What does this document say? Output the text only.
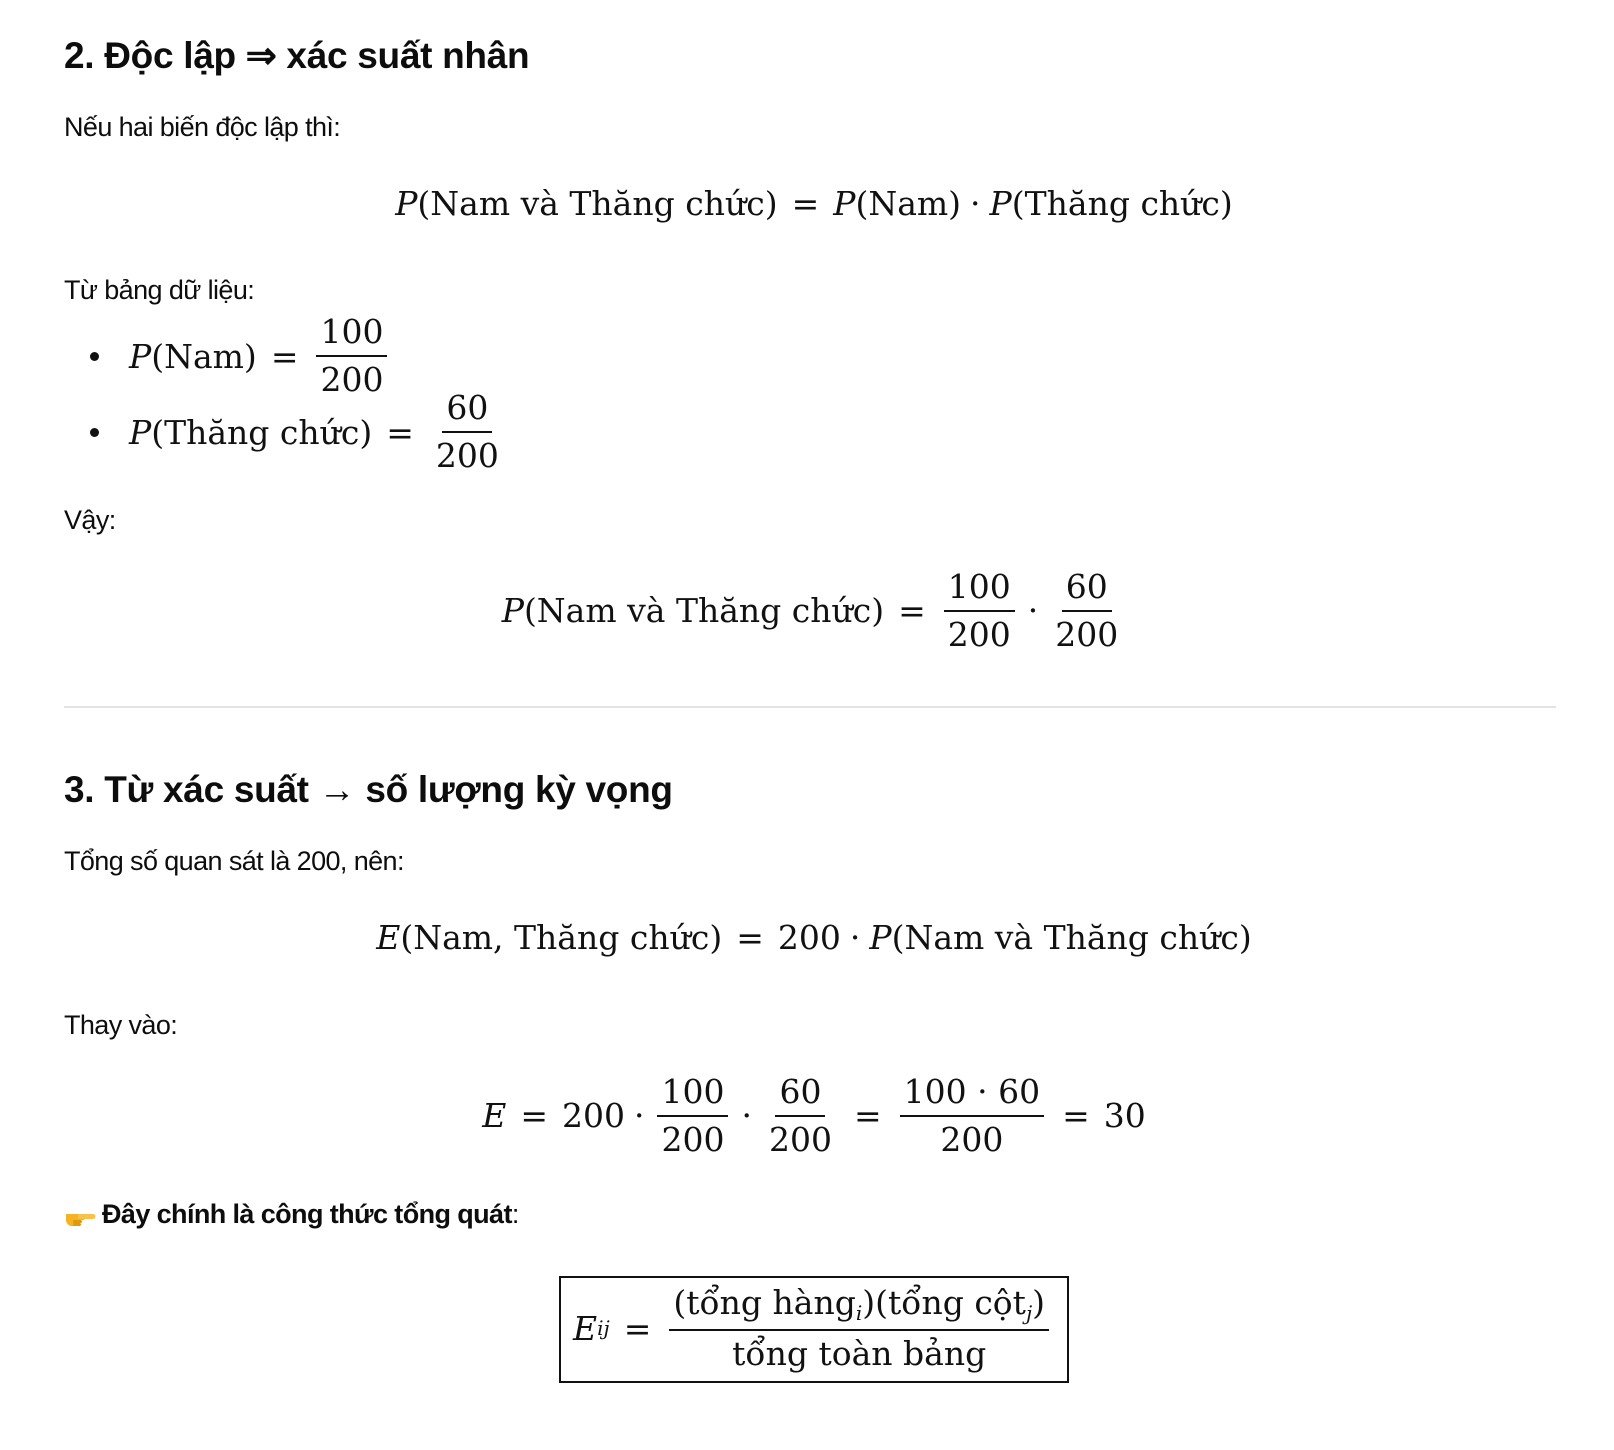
2. Độc lập ⇒ xác suất nhân

Nếu hai biến độc lập thì:

P (Nam và Thăng chức) = P (Nam) · P (Thăng chức)

Từ bảng dữ liệu:

P $(Nam) = \frac{100}{200}$
P (Thăng chức) = $\frac{60}{200}$

Vậy:

P (Nam và Thăng chức) = $\frac{100}{200} \cdot \frac{60}{200}$
3. Từ xác suất → số lượng kỳ vọng

Tổng số quan sát là 200, nên:

E (Nam, Thăng chức) = 200 · P (Nam và Thăng chức)

Thay vào:

$E = 200 \cdot \frac{100}{200} \cdot \frac{60}{200} = \frac{100 \cdot 60}{200} = 30$

Đây chính là công thức tổng quát :

E ij = $\frac{(tổng hàng_i)(tổng cột_j)}{\text{tổng toàn bảng}}$
